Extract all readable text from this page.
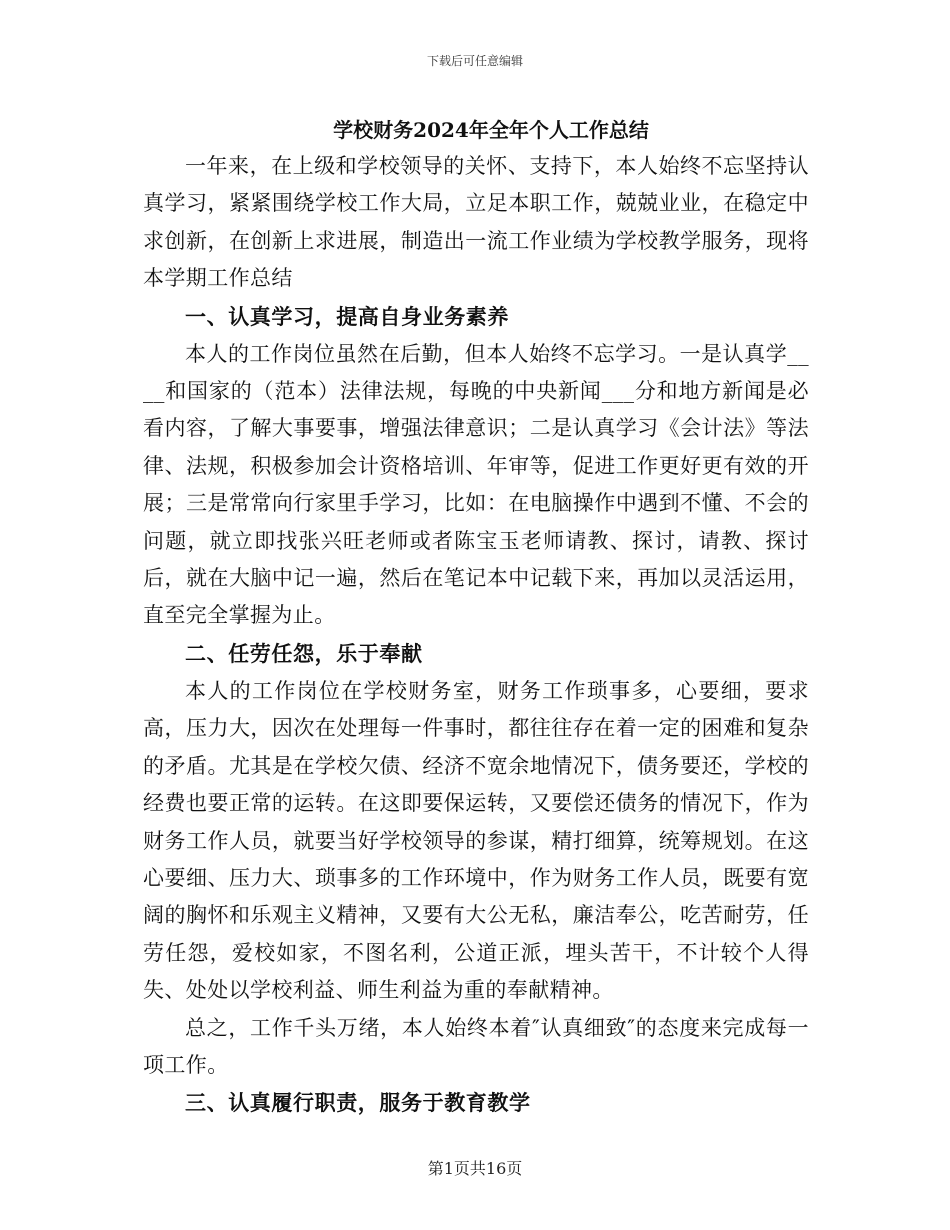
下载后可任意编辑
学校财务2024年全年个人工作总结

一年来，在上级和学校领导的关怀、支持下，本人始终不忘坚持认真学习，紧紧围绕学校工作大局，立足本职工作，兢兢业业，在稳定中求创新，在创新上求进展，制造出一流工作业绩为学校教学服务，现将本学期工作总结

一、认真学习，提高自身业务素养

本人的工作岗位虽然在后勤，但本人始终不忘学习。一是认真学____和国家的（范本）法律法规，每晚的中央新闻___分和地方新闻是必看内容，了解大事要事，增强法律意识；二是认真学习《会计法》等法律、法规，积极参加会计资格培训、年审等，促进工作更好更有效的开展；三是常常向行家里手学习，比如：在电脑操作中遇到不懂、不会的问题，就立即找张兴旺老师或者陈宝玉老师请教、探讨，请教、探讨后，就在大脑中记一遍，然后在笔记本中记载下来，再加以灵活运用，直至完全掌握为止。

二、任劳任怨，乐于奉献

本人的工作岗位在学校财务室，财务工作琐事多，心要细，要求高，压力大，因次在处理每一件事时，都往往存在着一定的困难和复杂的矛盾。尤其是在学校欠债、经济不宽余地情况下，债务要还，学校的经费也要正常的运转。在这即要保运转，又要偿还债务的情况下，作为财务工作人员，就要当好学校领导的参谋，精打细算，统筹规划。在这心要细、压力大、琐事多的工作环境中，作为财务工作人员，既要有宽阔的胸怀和乐观主义精神，又要有大公无私，廉洁奉公，吃苦耐劳，任劳任怨，爱校如家，不图名利，公道正派，埋头苦干，不计较个人得失、处处以学校利益、师生利益为重的奉献精神。

总之，工作千头万绪，本人始终本着″认真细致″的态度来完成每一项工作。

三、认真履行职责，服务于教育教学

第1页共16页
